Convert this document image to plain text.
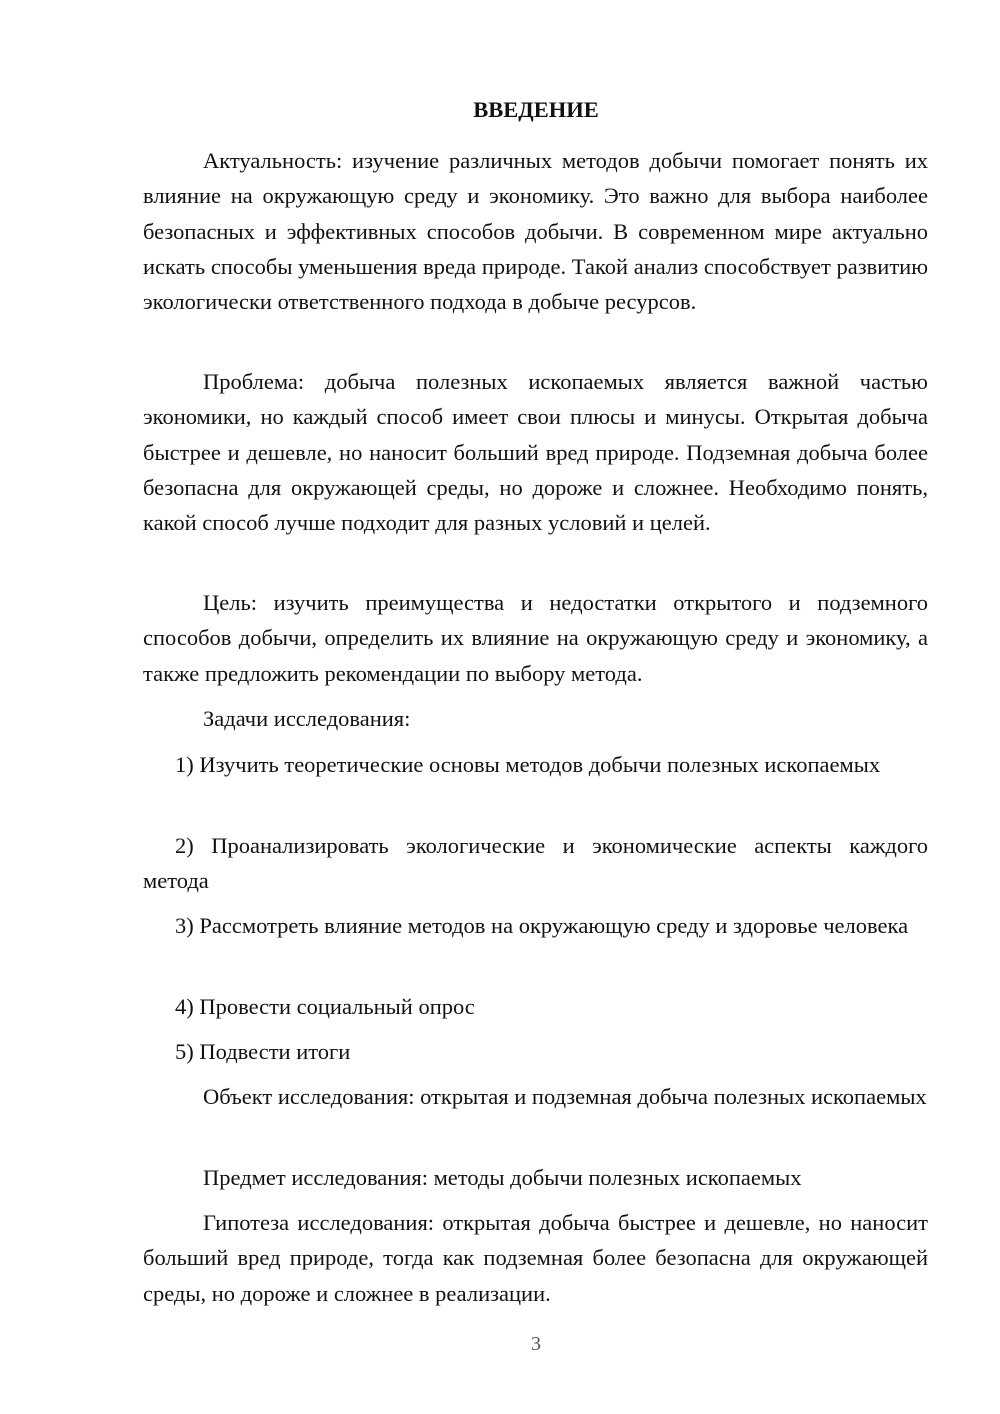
ВВЕДЕНИЕ

Актуальность: изучение различных методов добычи помогает понять их влияние на окружающую среду и экономику. Это важно для выбора наиболее безопасных и эффективных способов добычи. В современном мире актуально искать способы уменьшения вреда природе. Такой анализ способствует развитию экологически ответственного подхода в добыче ресурсов.

Проблема: добыча полезных ископаемых является важной частью экономики, но каждый способ имеет свои плюсы и минусы. Открытая добыча быстрее и дешевле, но наносит больший вред природе. Подземная добыча более безопасна для окружающей среды, но дороже и сложнее. Необходимо понять, какой способ лучше подходит для разных условий и целей.

Цель: изучить преимущества и недостатки открытого и подземного способов добычи, определить их влияние на окружающую среду и экономику, а также предложить рекомендации по выбору метода.

Задачи исследования:

1) Изучить теоретические основы методов добычи полезных ископаемых

2) Проанализировать экологические и экономические аспекты каждого метода

3) Рассмотреть влияние методов на окружающую среду и здоровье человека

4) Провести социальный опрос

5) Подвести итоги

Объект исследования: открытая и подземная добыча полезных ископаемых

Предмет исследования: методы добычи полезных ископаемых

Гипотеза исследования: открытая добыча быстрее и дешевле, но наносит больший вред природе, тогда как подземная более безопасна для окружающей среды, но дороже и сложнее в реализации.

3
